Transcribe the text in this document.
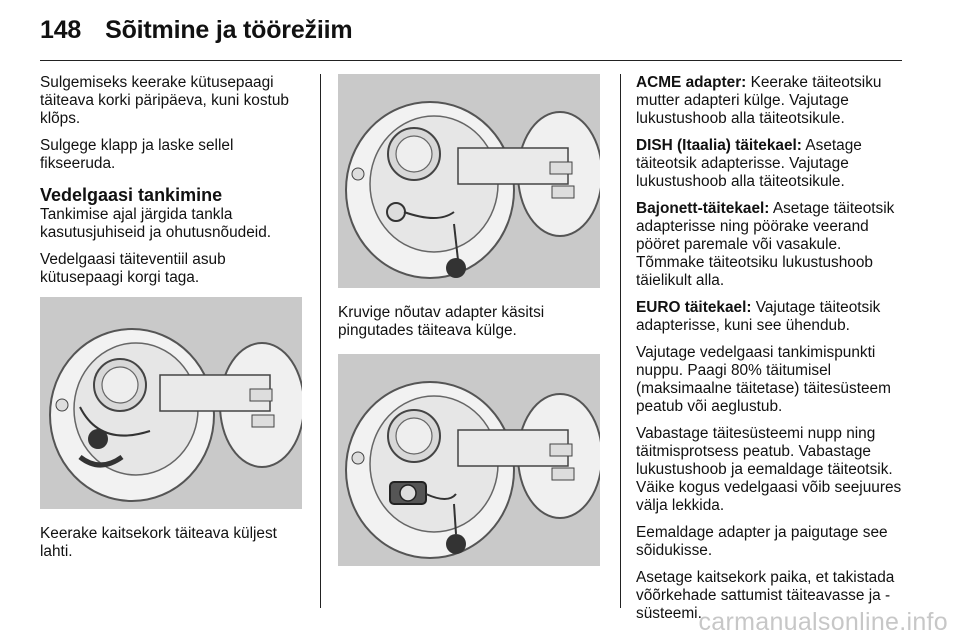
148 Sõitmine ja töörežiim

Sulgemiseks keerake kütusepaagi täiteava korki päripäeva, kuni kostub klõps.

Sulgege klapp ja laske sellel fikseeruda.

Vedelgaasi tankimine

Tankimise ajal järgida tankla kasutusjuhiseid ja ohutusnõudeid.

Vedelgaasi täiteventiil asub kütusepaagi korgi taga.

Keerake kaitsekork täiteava küljest lahti.

Kruvige nõutav adapter käsitsi pingutades täiteava külge.

ACME adapter: Keerake täiteotsiku mutter adapteri külge. Vajutage lukustushoob alla täiteotsikule.

DISH (Itaalia) täitekael: Asetage täiteotsik adapterisse. Vajutage lukustushoob alla täiteotsikule.

Bajonett-täitekael: Asetage täiteotsik adapterisse ning pöörake veerand pööret paremale või vasakule. Tõmmake täiteotsiku lukustushoob täielikult alla.

EURO täitekael: Vajutage täiteotsik adapterisse, kuni see ühendub.

Vajutage vedelgaasi tankimispunkti nuppu. Paagi 80% täitumisel (maksimaalne täitetase) täitesüsteem peatub või aeglustub.

Vabastage täitesüsteemi nupp ning täitmisprotsess peatub. Vabastage lukustushoob ja eemaldage täiteotsik. Väike kogus vedelgaasi võib seejuures välja lekkida.

Eemaldage adapter ja paigutage see sõidukisse.

Asetage kaitsekork paika, et takistada võõrkehade sattumist täiteavasse ja -süsteemi.

carmanualsonline.info
